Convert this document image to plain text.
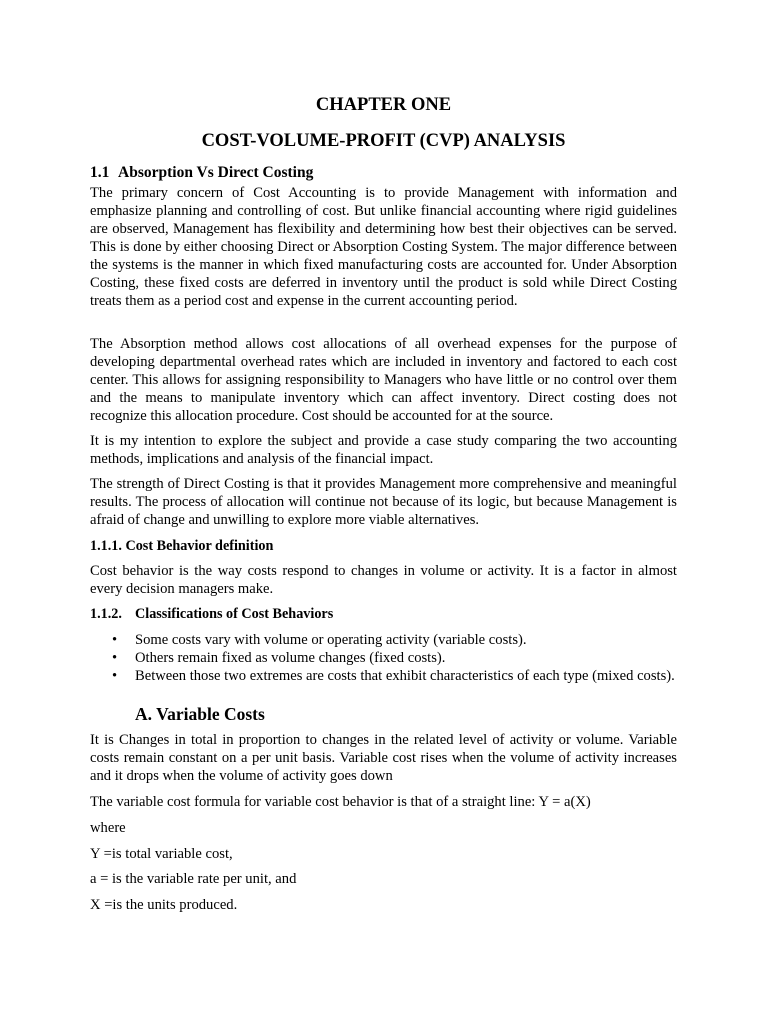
CHAPTER ONE
COST-VOLUME-PROFIT (CVP) ANALYSIS
1.1 Absorption Vs Direct Costing
The primary concern of Cost Accounting is to provide Management with information and emphasize planning and controlling of cost. But unlike financial accounting where rigid guidelines are observed, Management has flexibility and determining how best their objectives can be served. This is done by either choosing Direct or Absorption Costing System. The major difference between the systems is the manner in which fixed manufacturing costs are accounted for. Under Absorption Costing, these fixed costs are deferred in inventory until the product is sold while Direct Costing treats them as a period cost and expense in the current accounting period.
The Absorption method allows cost allocations of all overhead expenses for the purpose of developing departmental overhead rates which are included in inventory and factored to each cost center. This allows for assigning responsibility to Managers who have little or no control over them and the means to manipulate inventory which can affect inventory. Direct costing does not recognize this allocation procedure. Cost should be accounted for at the source.
It is my intention to explore the subject and provide a case study comparing the two accounting methods, implications and analysis of the financial impact.
The strength of Direct Costing is that it provides Management more comprehensive and meaningful results. The process of allocation will continue not because of its logic, but because Management is afraid of change and unwilling to explore more viable alternatives.
1.1.1. Cost Behavior definition
Cost behavior is the way costs respond to changes in volume or activity. It is a factor in almost every decision managers make.
1.1.2. Classifications of Cost Behaviors
• Some costs vary with volume or operating activity (variable costs).
• Others remain fixed as volume changes (fixed costs).
• Between those two extremes are costs that exhibit characteristics of each type (mixed costs).
A. Variable Costs
It is Changes in total in proportion to changes in the related level of activity or volume. Variable costs remain constant on a per unit basis. Variable cost rises when the volume of activity increases and it drops when the volume of activity goes down
The variable cost formula for variable cost behavior is that of a straight line: Y = a(X)
where
Y =is total variable cost,
a = is the variable rate per unit, and
X =is the units produced.
